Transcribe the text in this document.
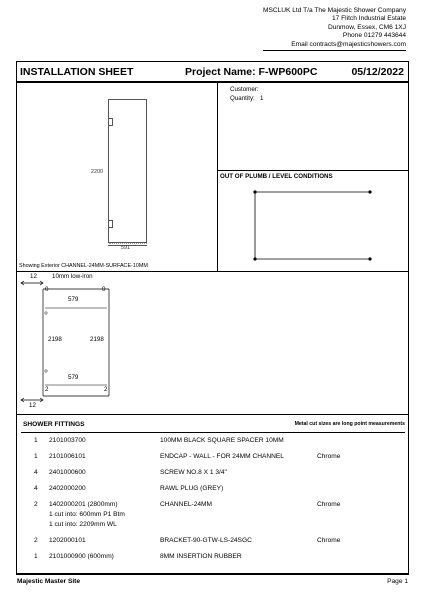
MSCLUK Ltd T/a The Majestic Shower Company
17 Flitch Industrial Estate
Dunmow, Essex, CM6 1XJ
Phone 01279 443644
Email contracts@majesticshowers.com
INSTALLATION SHEET	Project Name: F-WP600PC	05/12/2022
2200
591
Showing Exterior CHANNEL-24MM-SURFACE-10MM
Customer:
Quantity: 1
OUT OF PLUMB / LEVEL CONDITIONS
12 10mm low-iron
0	0
579
2198	2198
579
2	2
12
SHOWER FITTINGS	Metal cut sizes are long point measurements
1 2101003700	100MM BLACK SQUARE SPACER 10MM
1 2101006101	ENDCAP - WALL - FOR 24MM CHANNEL	Chrome
4 2401000600	SCREW NO.8 X 1 3/4"
4 2402000200	RAWL PLUG (GREY)
2 1402000201 (2800mm)	CHANNEL-24MM	Chrome
1 cut into: 600mm P1 Btm
1 cut into: 2209mm WL
2 1202000101	BRACKET-90-GTW-LS-24SGC	Chrome
1 2101000900 (600mm)	8MM INSERTION RUBBER
Majestic Master Site	Page 1
